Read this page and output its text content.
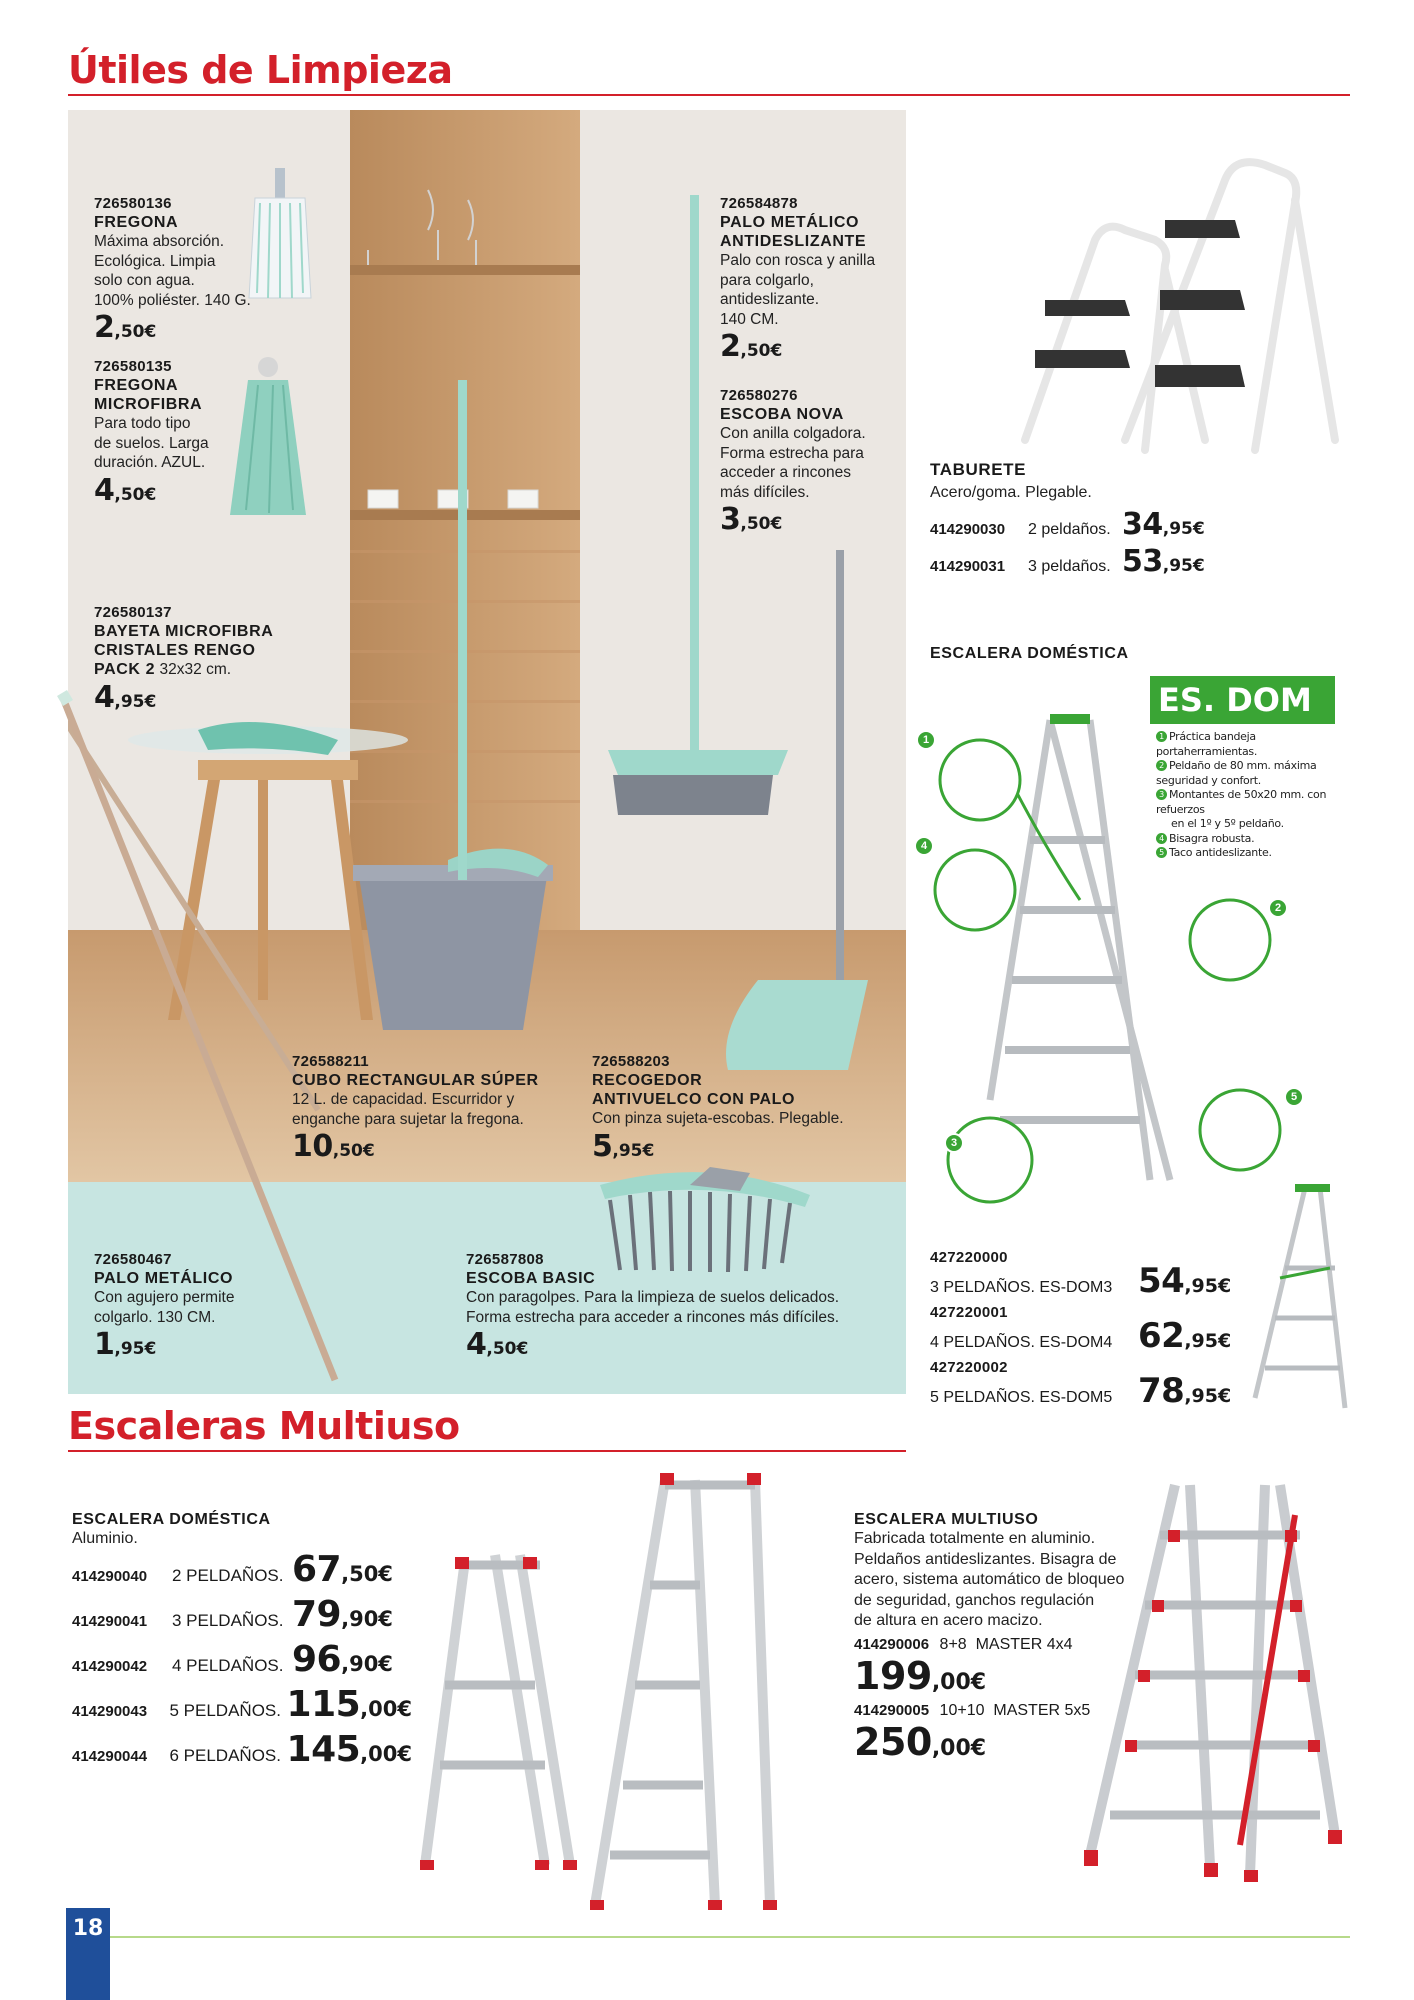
Útiles de Limpieza
726580136
FREGONA
Máxima absorción.
Ecológica. Limpia
solo con agua.
100% poliéster. 140 G.
2,50€
726580135
FREGONA
MICROFIBRA
Para todo tipo
de suelos. Larga
duración. AZUL.
4,50€
726580137
BAYETA MICROFIBRA
CRISTALES RENGO
PACK 2 32x32 cm.
4,95€
726584878
PALO METÁLICO
ANTIDESLIZANTE
Palo con rosca y anilla
para colgarlo,
antideslizante.
140 CM.
2,50€
726580276
ESCOBA NOVA
Con anilla colgadora.
Forma estrecha para
acceder a rincones
más difíciles.
3,50€
726588211
CUBO RECTANGULAR SÚPER
12 L. de capacidad. Escurridor y
enganche para sujetar la fregona.
10,50€
726588203
RECOGEDOR
ANTIVUELCO CON PALO
Con pinza sujeta-escobas. Plegable.
5,95€
726580467
PALO METÁLICO
Con agujero permite
colgarlo. 130 CM.
1,95€
726587808
ESCOBA BASIC
Con paragolpes. Para la limpieza de suelos delicados.
Forma estrecha para acceder a rincones más difíciles.
4,50€
TABURETE
Acero/goma. Plegable.
414290030	2 peldaños. 34 ,95€
414290031	3 peldaños. 53 ,95€
ESCALERA DOMÉSTICA
ES. DOM
1 Práctica bandeja portaherramientas.
2 Peldaño de 80 mm. máxima seguridad y confort.
3 Montantes de 50x20 mm. con refuerzos
en el 1º y 5º peldaño.
4 Bisagra robusta.
5 Taco antideslizante.
1
2
3
4
5
427220000
3 PELDAÑOS. ES-DOM3 54 ,95€
427220001
4 PELDAÑOS. ES-DOM4 62 ,95€
427220002
5 PELDAÑOS. ES-DOM5 78 ,95€
Escaleras Multiuso
ESCALERA DOMÉSTICA
Aluminio.
414290040	2 PELDAÑOS. 67 ,50€
414290041	3 PELDAÑOS. 79 ,90€
414290042	4 PELDAÑOS. 96 ,90€
414290043	5 PELDAÑOS. 115 ,00€
414290044	6 PELDAÑOS. 145 ,00€
ESCALERA MULTIUSO
Fabricada totalmente en aluminio.
Peldaños antideslizantes. Bisagra de
acero, sistema automático de bloqueo
de seguridad, ganchos regulación
de altura en acero macizo.
414290006 8+8  MASTER 4x4
199,00€
414290005 10+10  MASTER 5x5
250,00€
18
